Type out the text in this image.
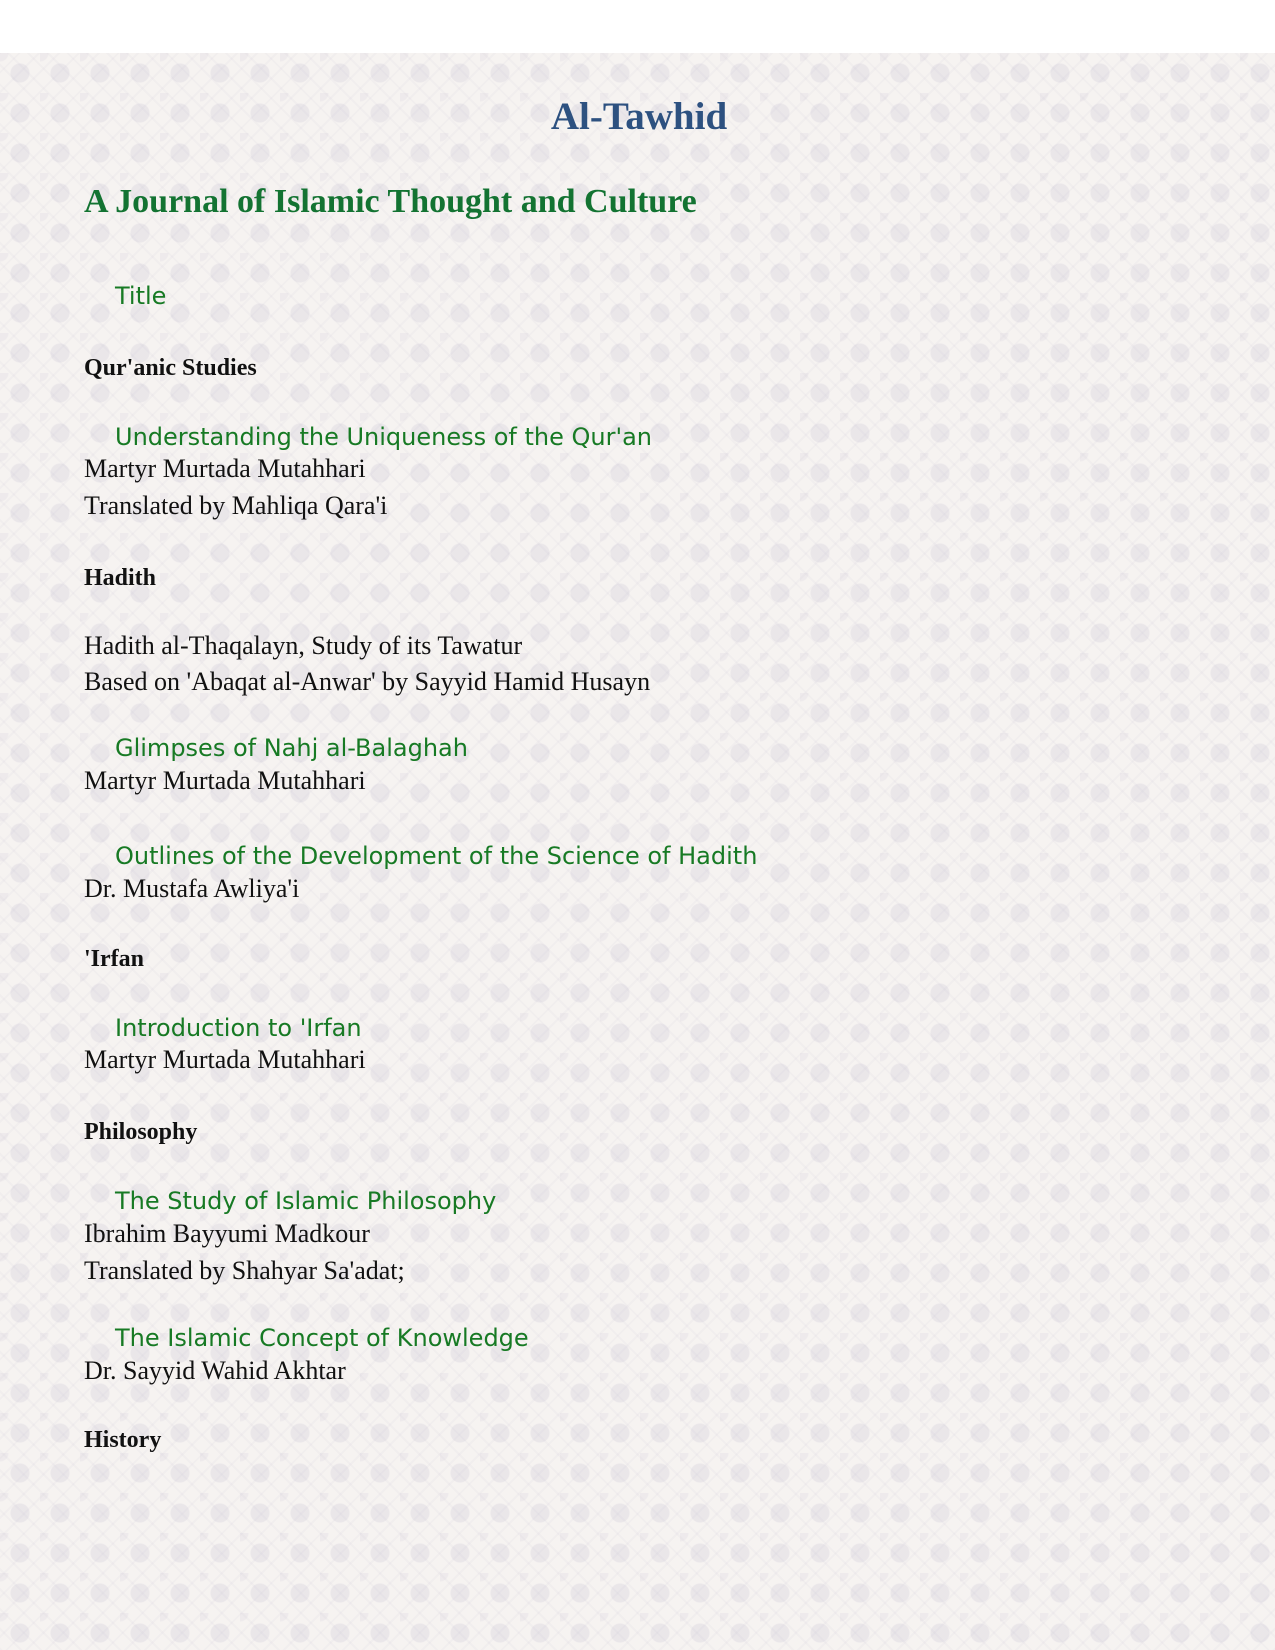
Al-Tawhid
A Journal of Islamic Thought and Culture
Title
Qur'anic Studies
Understanding the Uniqueness of the Qur'an
Martyr Murtada Mutahhari
Translated by Mahliqa Qara'i
Hadith
Hadith al-Thaqalayn, Study of its Tawatur
Based on 'Abaqat al-Anwar' by Sayyid Hamid Husayn
Glimpses of Nahj al-Balaghah
Martyr Murtada Mutahhari
Outlines of the Development of the Science of Hadith
Dr. Mustafa Awliya'i
'Irfan
Introduction to 'Irfan
Martyr Murtada Mutahhari
Philosophy
The Study of Islamic Philosophy
Ibrahim Bayyumi Madkour
Translated by Shahyar Sa'adat;
The Islamic Concept of Knowledge
Dr. Sayyid Wahid Akhtar
History
